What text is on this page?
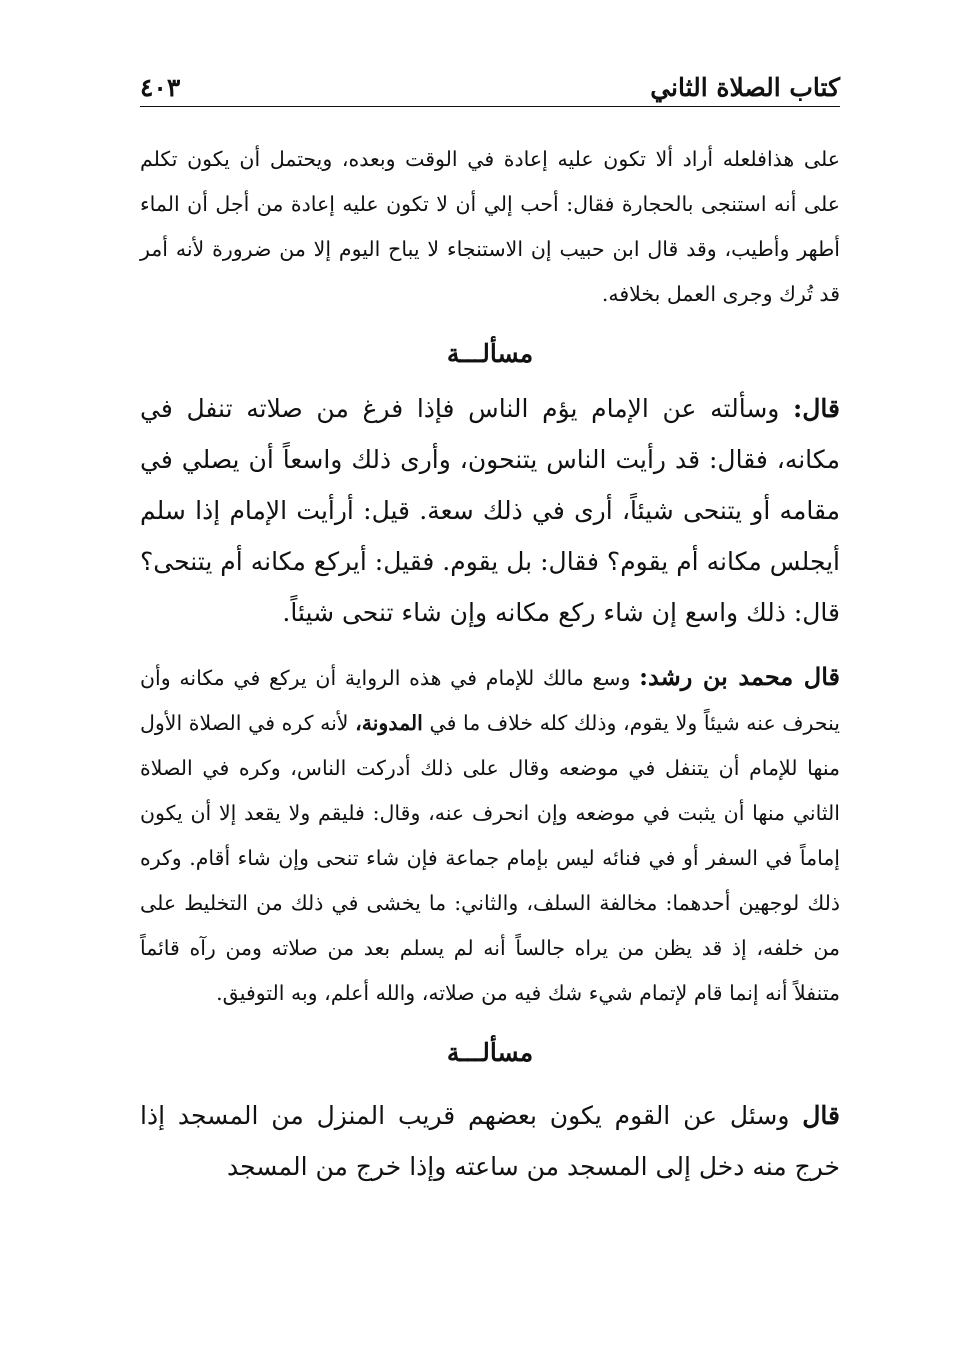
كتاب الصلاة الثاني
٤٠٣

على هذافلعله أراد ألا تكون عليه إعادة في الوقت وبعده، ويحتمل أن يكون تكلم على أنه استنجى بالحجارة فقال: أحب إلي أن لا تكون عليه إعادة من أجل أن الماء أطهر وأطيب، وقد قال ابن حبيب إن الاستنجاء لا يباح اليوم إلا من ضرورة لأنه أمر قد تُرك وجرى العمل بخلافه.

مسألـــة

قال: وسألته عن الإمام يؤم الناس فإذا فرغ من صلاته تنفل في مكانه، فقال: قد رأيت الناس يتنحون، وأرى ذلك واسعاً أن يصلي في مقامه أو يتنحى شيئاً، أرى في ذلك سعة. قيل: أرأيت الإمام إذا سلم أيجلس مكانه أم يقوم؟ فقال: بل يقوم. فقيل: أيركع مكانه أم يتنحى؟ قال: ذلك واسع إن شاء ركع مكانه وإن شاء تنحى شيئاً.

قال محمد بن رشد: وسع مالك للإمام في هذه الرواية أن يركع في مكانه وأن ينحرف عنه شيئاً ولا يقوم، وذلك كله خلاف ما في المدونة، لأنه كره في الصلاة الأول منها للإمام أن يتنفل في موضعه وقال على ذلك أدركت الناس، وكره في الصلاة الثاني منها أن يثبت في موضعه وإن انحرف عنه، وقال: فليقم ولا يقعد إلا أن يكون إماماً في السفر أو في فنائه ليس بإمام جماعة فإن شاء تنحى وإن شاء أقام. وكره ذلك لوجهين أحدهما: مخالفة السلف، والثاني: ما يخشى في ذلك من التخليط على من خلفه، إذ قد يظن من يراه جالساً أنه لم يسلم بعد من صلاته ومن رآه قائماً متنفلاً أنه إنما قام لإتمام شيء شك فيه من صلاته، والله أعلم، وبه التوفيق.

مسألـــة

قال وسئل عن القوم يكون بعضهم قريب المنزل من المسجد إذا خرج منه دخل إلى المسجد من ساعته وإذا خرج من المسجد
